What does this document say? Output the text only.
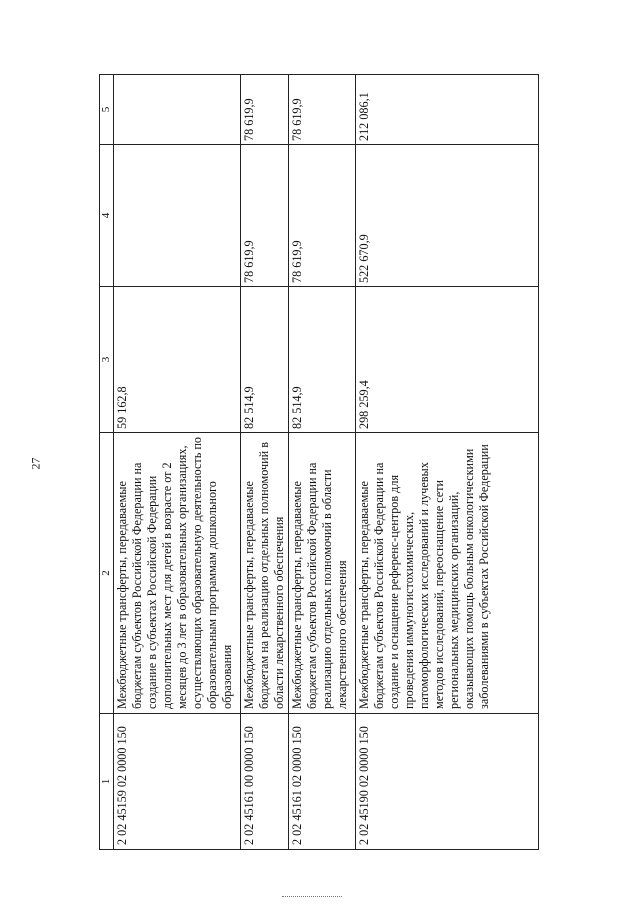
27
1	2	3	4	5
2 02 45159 02 0000 150	Межбюджетные трансферты, передаваемые бюджетам субъектов Российской Федерации на создание в субъектах Российской Федерации дополнительных мест для детей в возрасте от 2 месяцев до 3 лет в образовательных организациях, осуществляющих образовательную деятельность по образовательным программам дошкольного образования	59 162,8		
2 02 45161 00 0000 150	Межбюджетные трансферты, передаваемые бюджетам на реализацию отдельных полномочий в области лекарственного обеспечения	82 514,9	78 619,9	78 619,9
2 02 45161 02 0000 150	Межбюджетные трансферты, передаваемые бюджетам субъектов Российской Федерации на реализацию отдельных полномочий в области лекарственного обеспечения	82 514,9	78 619,9	78 619,9
2 02 45190 02 0000 150	Межбюджетные трансферты, передаваемые бюджетам субъектов Российской Федерации на создание и оснащение референс-центров для проведения иммуногистохимических, патоморфологических исследований и лучевых методов исследований, переоснащение сети региональных медицинских организаций, оказывающих помощь больным онкологическими заболеваниями в субъектах Российской Федерации	298 259,4	522 670,9	212 086,1
